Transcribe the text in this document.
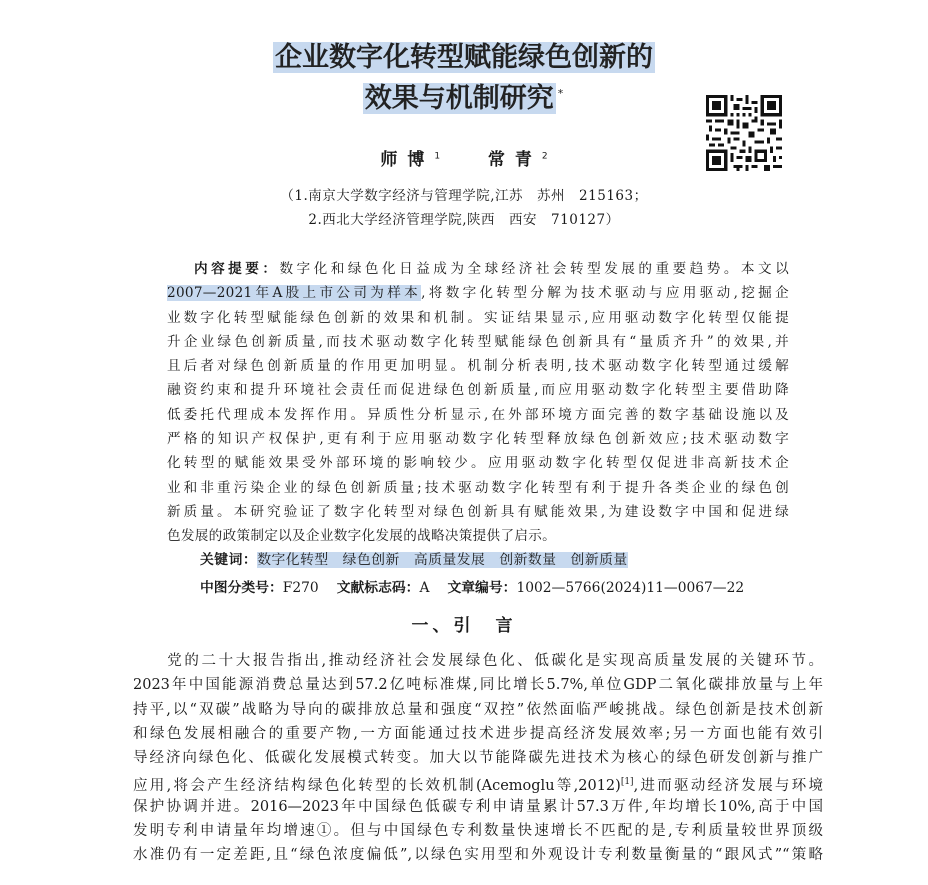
企业数字化转型赋能绿色创新的
效果与机制研究 *
师博$^1$	常青$^2$
（1.南京大学数字经济与管理学院,江苏　苏州　215163；
2.西北大学经济管理学院,陕西　西安　710127）
内容提要：数字化和绿色化日益成为全球经济社会转型发展的重要趋势。本文以
2007—2021年A股上市公司为样本,将数字化转型分解为技术驱动与应用驱动,挖掘企
业数字化转型赋能绿色创新的效果和机制。实证结果显示,应用驱动数字化转型仅能提
升企业绿色创新质量,而技术驱动数字化转型赋能绿色创新具有“量质齐升”的效果,并
且后者对绿色创新质量的作用更加明显。机制分析表明,技术驱动数字化转型通过缓解
融资约束和提升环境社会责任而促进绿色创新质量,而应用驱动数字化转型主要借助降
低委托代理成本发挥作用。异质性分析显示,在外部环境方面完善的数字基础设施以及
严格的知识产权保护,更有利于应用驱动数字化转型释放绿色创新效应;技术驱动数字
化转型的赋能效果受外部环境的影响较少。应用驱动数字化转型仅促进非高新技术企
业和非重污染企业的绿色创新质量;技术驱动数字化转型有利于提升各类企业的绿色创
新质量。本研究验证了数字化转型对绿色创新具有赋能效果,为建设数字中国和促进绿
色发展的政策制定以及企业数字化发展的战略决策提供了启示。
关键词：数字化转型 绿色创新 高质量发展 创新数量 创新质量
中图分类号：F270 文献标志码：A 文章编号：1002—5766(2024)11—0067—22
一、引　言
　　党的二十大报告指出,推动经济社会发展绿色化、低碳化是实现高质量发展的关键环节。
2023年中国能源消费总量达到57.2亿吨标准煤,同比增长5.7%,单位GDP二氧化碳排放量与上年
持平,以“双碳”战略为导向的碳排放总量和强度“双控”依然面临严峻挑战。绿色创新是技术创新
和绿色发展相融合的重要产物,一方面能通过技术进步提高经济发展效率;另一方面也能有效引
导经济向绿色化、低碳化发展模式转变。加大以节能降碳先进技术为核心的绿色研发创新与推广
应用,将会产生经济结构绿色化转型的长效机制(Acemoglu等,2012)[1],进而驱动经济发展与环境
保护协调并进。2016—2023年中国绿色低碳专利申请量累计57.3万件,年均增长10%,高于中国
发明专利申请量年均增速①。但与中国绿色专利数量快速增长不匹配的是,专利质量较世界顶级
水准仍有一定差距,且“绿色浓度偏低”,以绿色实用型和外观设计专利数量衡量的“跟风式”“策略
